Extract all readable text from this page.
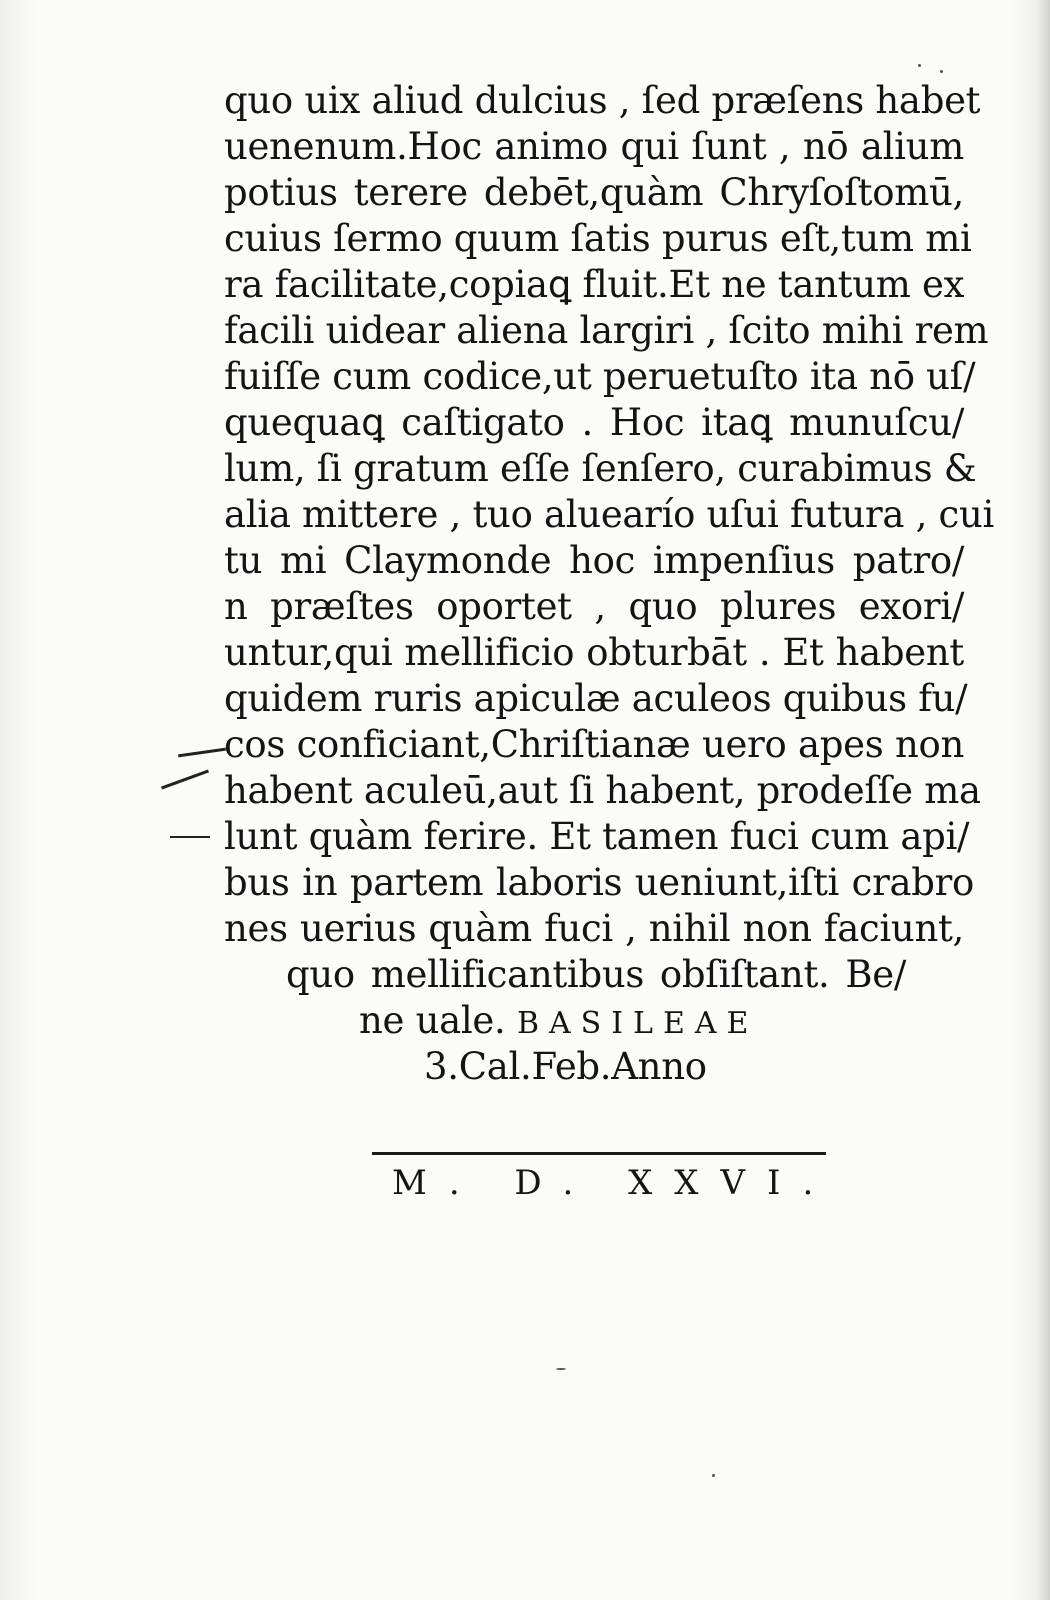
quo uix aliud dulcius , ſed præſens habet
uenenum.Hoc animo qui ſunt , nō alium
potius terere debēt,quàm Chryſoſtomū,
cuius ſermo quum ſatis purus eſt,tum mi
ra facilitate,copiaꝗ fluit.Et ne tantum ex
facili uidear aliena largiri , ſcito mihi rem
fuiſſe cum codice,ut peruetuſto ita nō uſ/
quequaꝗ caſtigato . Hoc itaꝗ munuſcu/
lum, ſi gratum eſſe ſenſero, curabimus &
alia mittere , tuo aluearío uſui futura , cui
tu mi Claymonde hoc impenſius patro/
n præſtes oportet , quo plures exori/
untur,qui mellificio obturbāt . Et habent
quidem ruris apiculæ aculeos quibus fu/
cos conficiant,Chriſtianæ uero apes non
habent aculeū,aut ſi habent, prodeſſe ma
lunt quàm ferire. Et tamen fuci cum api/
bus in partem laboris ueniunt,iſti crabro
nes uerius quàm fuci , nihil non faciunt,
quo mellificantibus obſiſtant. Be/
ne uale. BASILEAE
3.Cal.Feb.Anno
M. D. XXVI.
